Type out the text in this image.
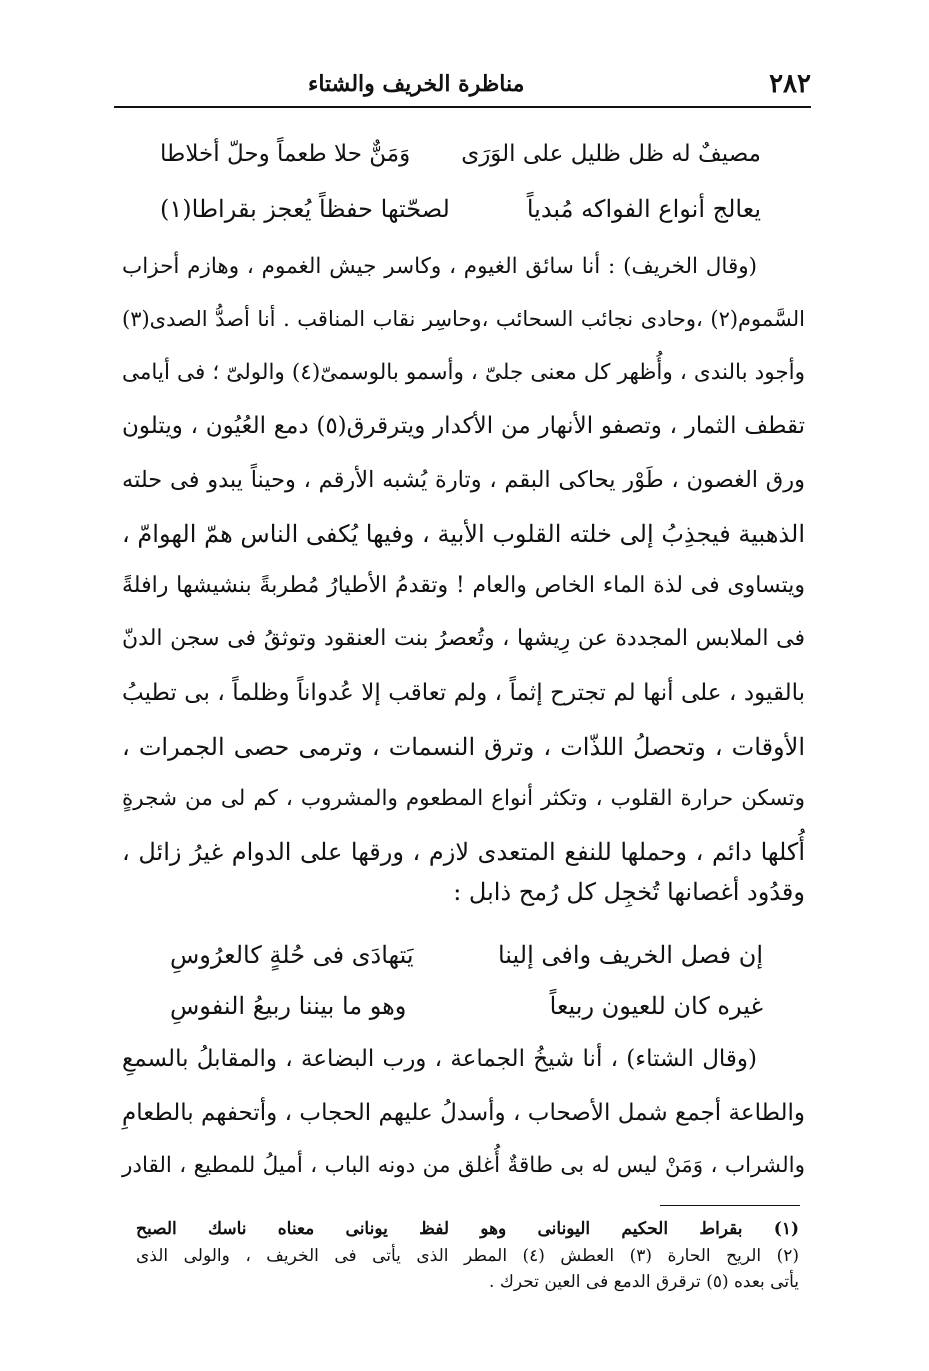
٢٨٢
مناظرة الخريف والشتاء
مصيفٌ له ظل ظليل على الوَرَى
وَمَنٌّ حلا طعماً وحلّ أخلاطا
يعالج أنواع الفواكه مُبدياً
لصحّتها حفظاً يُعجز بقراطا(١)
(وقال الخريف) : أنا سائق الغيوم ، وكاسر جيش الغموم ، وهازم أحزاب
السَّموم(٢) ،وحادى نجائب السحائب ،وحاسِر نقاب المناقب . أنا أصدُّ الصدى(٣)
وأجود بالندى ، وأُظهر كل معنى جلىّ ، وأسمو بالوسمىّ(٤) والولىّ ؛ فى أيامى
تقطف الثمار ، وتصفو الأنهار من الأكدار ويترقرق(٥) دمع العُيُون ، ويتلون
ورق الغصون ، طَوْر يحاكى البقم ، وتارة يُشبه الأرقم ، وحيناً يبدو فى حلته
الذهبية فيجذِبُ إلى خلته القلوب الأبية ، وفيها يُكفى الناس همّ الهوامّ ،
ويتساوى فى لذة الماء الخاص والعام ! وتقدمُ الأطيارُ مُطربةً بنشيشها رافلةً
فى الملابس المجددة عن رِيشها ، وتُعصرُ بنت العنقود وتوثقُ فى سجن الدنّ
بالقيود ، على أنها لم تجترح إثماً ، ولم تعاقب إلا عُدواناً وظلماً ، بى تطيبُ
الأوقات ، وتحصلُ اللذّات ، وترق النسمات ، وترمى حصى الجمرات ،
وتسكن حرارة القلوب ، وتكثر أنواع المطعوم والمشروب ، كم لى من شجرةٍ
أُكلها دائم ، وحملها للنفع المتعدى لازم ، ورقها على الدوام غيرُ زائل ،
وقدُود أغصانها تُخجِل كل رُمح ذابل :
إن فصل الخريف وافى إلينا
يَتهادَى فى حُلةٍ كالعرُوسِ
غيره كان للعيون ربيعاً
وهو ما بيننا ربيعُ النفوسِ
(وقال الشتاء) ، أنا شيخُ الجماعة ، ورب البضاعة ، والمقابلُ بالسمعِ
والطاعة أجمع شمل الأصحاب ، وأسدلُ عليهم الحجاب ، وأتحفهم بالطعامِ
والشراب ، وَمَنْ ليس له بى طاقةٌ أُغلق من دونه الباب ، أميلُ للمطيع ، القادر
(١) بقراط الحكيم اليونانى وهو لفظ يونانى معناه ناسك الصبح
(٢) الريح الحارة (٣) العطش (٤) المطر الذى يأتى فى الخريف ، والولى الذى
يأتى بعده (٥) ترقرق الدمع فى العين تحرك .
